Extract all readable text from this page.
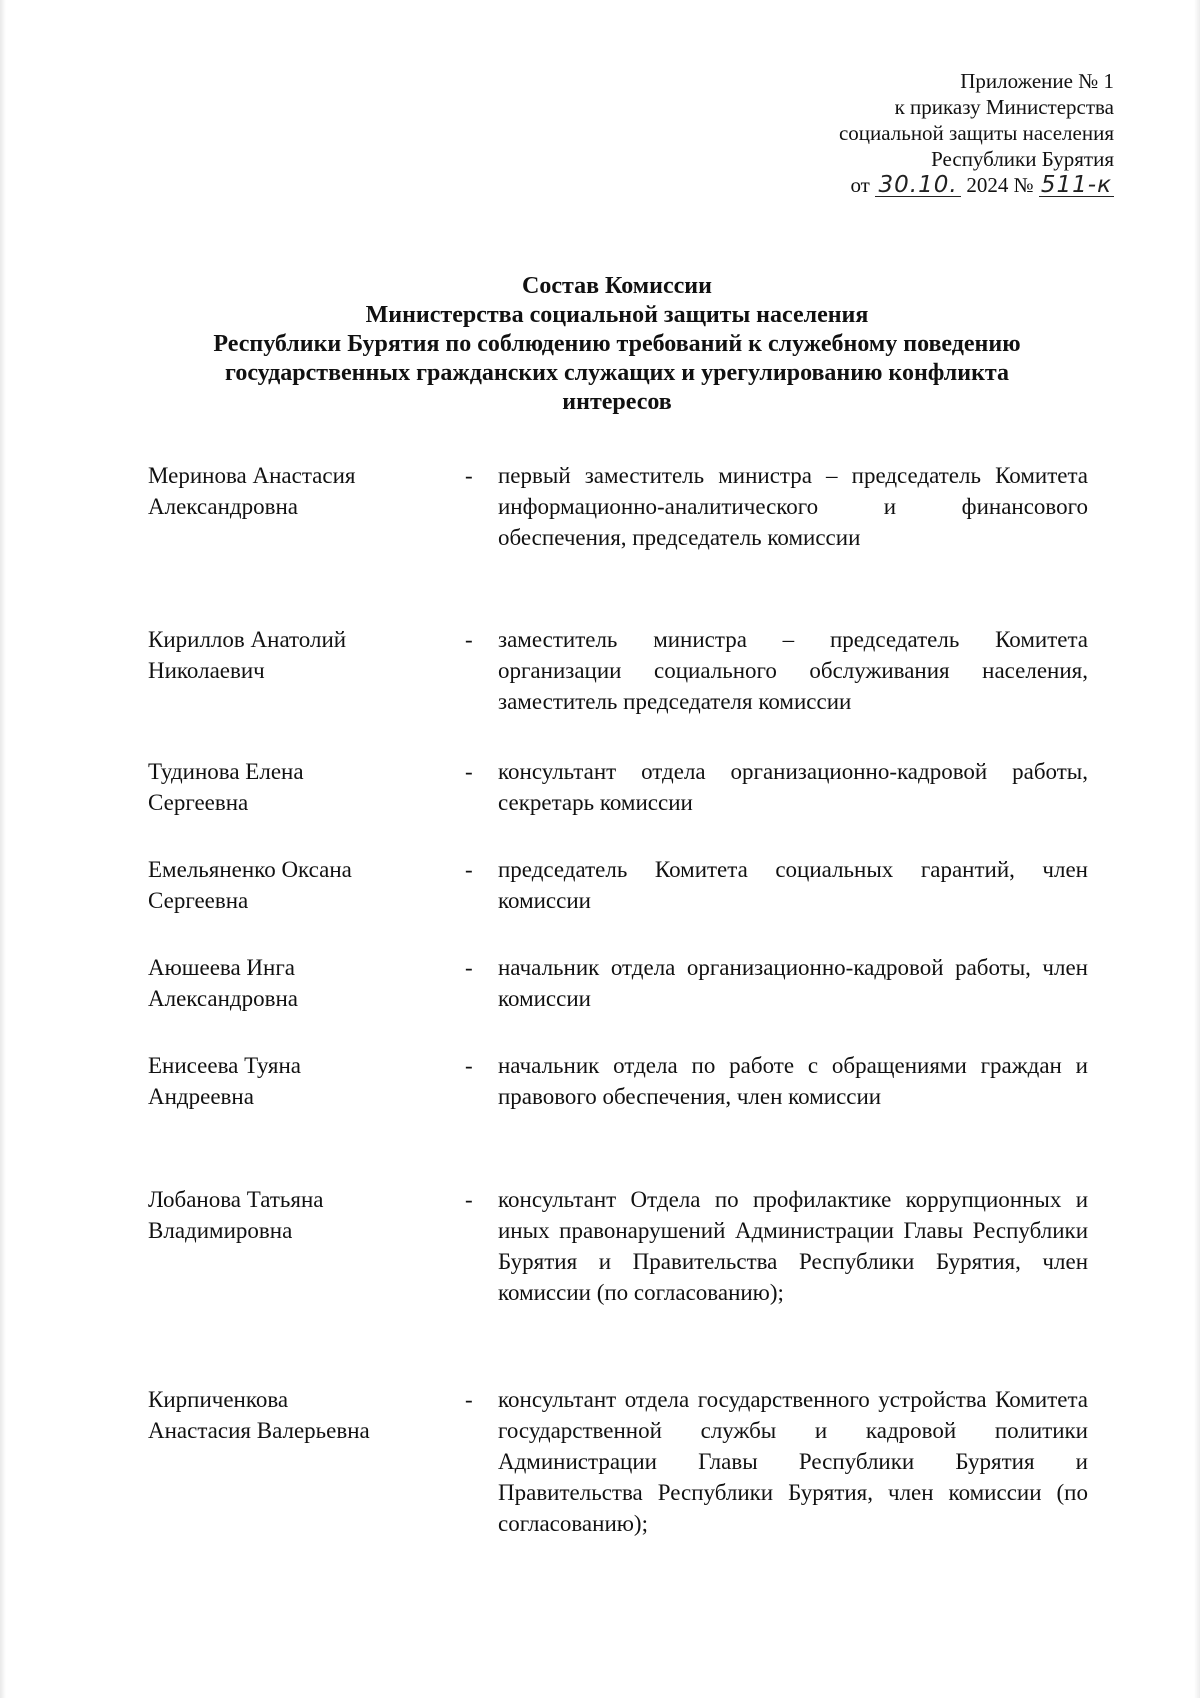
Приложение № 1
к приказу Министерства
социальной защиты населения
Республики Бурятия
от 30.10. 2024 № 511-к
Состав Комиссии
Министерства социальной защиты населения
Республики Бурятия по соблюдению требований к служебному поведению
государственных гражданских служащих и урегулированию конфликта
интересов
Меринова Анастасия
Александровна
- первый заместитель министра – председатель Комитета информационно-аналитического и финансового обеспечения, председатель комиссии
Кириллов Анатолий
Николаевич
- заместитель министра – председатель Комитета организации социального обслуживания населения, заместитель председателя комиссии
Тудинова Елена
Сергеевна
- консультант отдела организационно-кадровой работы, секретарь комиссии
Емельяненко Оксана
Сергеевна
- председатель Комитета социальных гарантий, член комиссии
Аюшеева Инга
Александровна
- начальник отдела организационно-кадровой работы, член комиссии
Енисеева Туяна
Андреевна
- начальник отдела по работе с обращениями граждан и правового обеспечения, член комиссии
Лобанова Татьяна
Владимировна
- консультант Отдела по профилактике коррупционных и иных правонарушений Администрации Главы Республики Бурятия и Правительства Республики Бурятия, член комиссии (по согласованию);
Кирпиченкова
Анастасия Валерьевна
- консультант отдела государственного устройства Комитета государственной службы и кадровой политики Администрации Главы Республики Бурятия и Правительства Республики Бурятия, член комиссии (по согласованию);
